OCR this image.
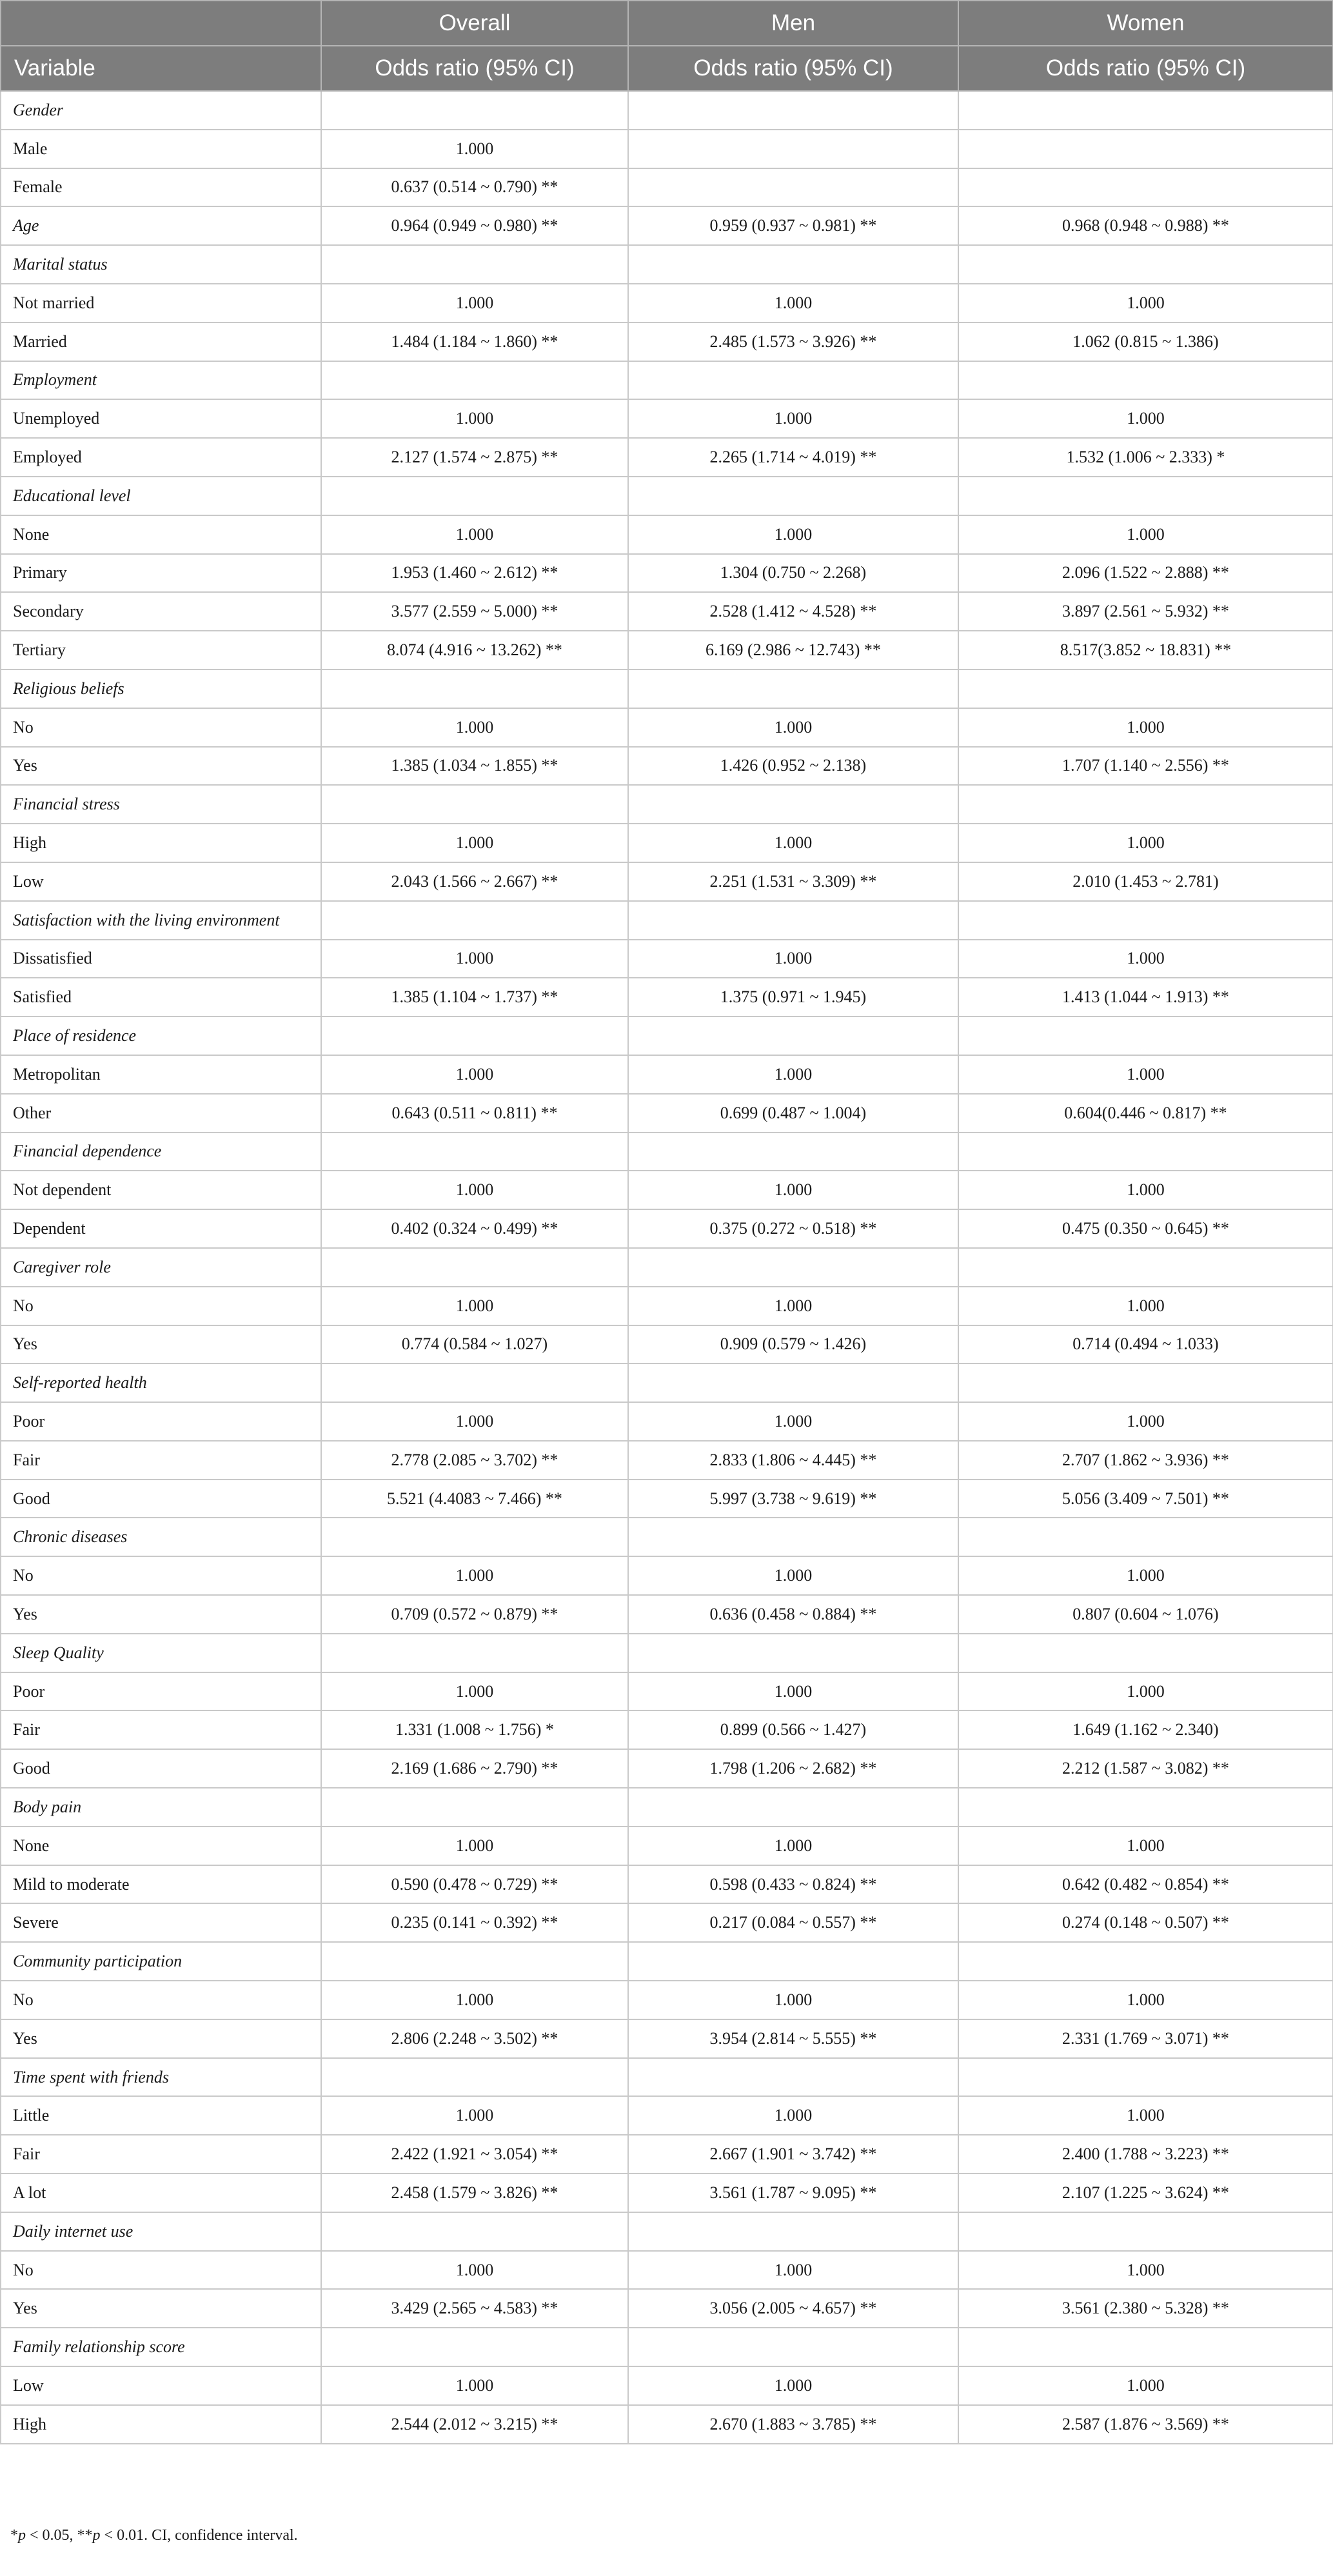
	Overall	Men	Women
Variable	Odds ratio (95% CI)	Odds ratio (95% CI)	Odds ratio (95% CI)
Gender			
Male	1.000		
Female	0.637 (0.514 ~ 0.790) **		
Age	0.964 (0.949 ~ 0.980) **	0.959 (0.937 ~ 0.981) **	0.968 (0.948 ~ 0.988) **
Marital status			
Not married	1.000	1.000	1.000
Married	1.484 (1.184 ~ 1.860) **	2.485 (1.573 ~ 3.926) **	1.062 (0.815 ~ 1.386)
Employment			
Unemployed	1.000	1.000	1.000
Employed	2.127 (1.574 ~ 2.875) **	2.265 (1.714 ~ 4.019) **	1.532 (1.006 ~ 2.333) *
Educational level			
None	1.000	1.000	1.000
Primary	1.953 (1.460 ~ 2.612) **	1.304 (0.750 ~ 2.268)	2.096 (1.522 ~ 2.888) **
Secondary	3.577 (2.559 ~ 5.000) **	2.528 (1.412 ~ 4.528) **	3.897 (2.561 ~ 5.932) **
Tertiary	8.074 (4.916 ~ 13.262) **	6.169 (2.986 ~ 12.743) **	8.517(3.852 ~ 18.831) **
Religious beliefs			
No	1.000	1.000	1.000
Yes	1.385 (1.034 ~ 1.855) **	1.426 (0.952 ~ 2.138)	1.707 (1.140 ~ 2.556) **
Financial stress			
High	1.000	1.000	1.000
Low	2.043 (1.566 ~ 2.667) **	2.251 (1.531 ~ 3.309) **	2.010 (1.453 ~ 2.781)
Satisfaction with the living environment			
Dissatisfied	1.000	1.000	1.000
Satisfied	1.385 (1.104 ~ 1.737) **	1.375 (0.971 ~ 1.945)	1.413 (1.044 ~ 1.913) **
Place of residence			
Metropolitan	1.000	1.000	1.000
Other	0.643 (0.511 ~ 0.811) **	0.699 (0.487 ~ 1.004)	0.604(0.446 ~ 0.817) **
Financial dependence			
Not dependent	1.000	1.000	1.000
Dependent	0.402 (0.324 ~ 0.499) **	0.375 (0.272 ~ 0.518) **	0.475 (0.350 ~ 0.645) **
Caregiver role			
No	1.000	1.000	1.000
Yes	0.774 (0.584 ~ 1.027)	0.909 (0.579 ~ 1.426)	0.714 (0.494 ~ 1.033)
Self-reported health			
Poor	1.000	1.000	1.000
Fair	2.778 (2.085 ~ 3.702) **	2.833 (1.806 ~ 4.445) **	2.707 (1.862 ~ 3.936) **
Good	5.521 (4.4083 ~ 7.466) **	5.997 (3.738 ~ 9.619) **	5.056 (3.409 ~ 7.501) **
Chronic diseases			
No	1.000	1.000	1.000
Yes	0.709 (0.572 ~ 0.879) **	0.636 (0.458 ~ 0.884) **	0.807 (0.604 ~ 1.076)
Sleep Quality			
Poor	1.000	1.000	1.000
Fair	1.331 (1.008 ~ 1.756) *	0.899 (0.566 ~ 1.427)	1.649 (1.162 ~ 2.340)
Good	2.169 (1.686 ~ 2.790) **	1.798 (1.206 ~ 2.682) **	2.212 (1.587 ~ 3.082) **
Body pain			
None	1.000	1.000	1.000
Mild to moderate	0.590 (0.478 ~ 0.729) **	0.598 (0.433 ~ 0.824) **	0.642 (0.482 ~ 0.854) **
Severe	0.235 (0.141 ~ 0.392) **	0.217 (0.084 ~ 0.557) **	0.274 (0.148 ~ 0.507) **
Community participation			
No	1.000	1.000	1.000
Yes	2.806 (2.248 ~ 3.502) **	3.954 (2.814 ~ 5.555) **	2.331 (1.769 ~ 3.071) **
Time spent with friends			
Little	1.000	1.000	1.000
Fair	2.422 (1.921 ~ 3.054) **	2.667 (1.901 ~ 3.742) **	2.400 (1.788 ~ 3.223) **
A lot	2.458 (1.579 ~ 3.826) **	3.561 (1.787 ~ 9.095) **	2.107 (1.225 ~ 3.624) **
Daily internet use			
No	1.000	1.000	1.000
Yes	3.429 (2.565 ~ 4.583) **	3.056 (2.005 ~ 4.657) **	3.561 (2.380 ~ 5.328) **
Family relationship score			
Low	1.000	1.000	1.000
High	2.544 (2.012 ~ 3.215) **	2.670 (1.883 ~ 3.785) **	2.587 (1.876 ~ 3.569) **
*p < 0.05, **p < 0.01. CI, confidence interval.
